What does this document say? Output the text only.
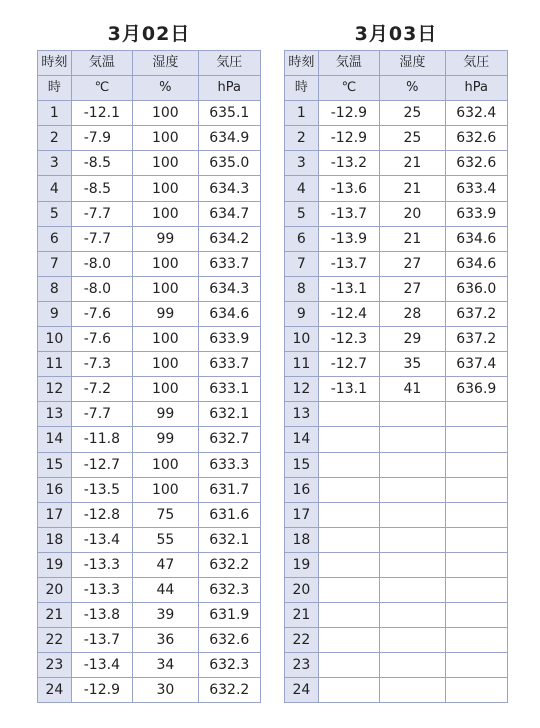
3月02日
時刻	気温	湿度	気圧
時	℃	%	hPa
1	-12.1	100	635.1
2	-7.9	100	634.9
3	-8.5	100	635.0
4	-8.5	100	634.3
5	-7.7	100	634.7
6	-7.7	99	634.2
7	-8.0	100	633.7
8	-8.0	100	634.3
9	-7.6	99	634.6
10	-7.6	100	633.9
11	-7.3	100	633.7
12	-7.2	100	633.1
13	-7.7	99	632.1
14	-11.8	99	632.7
15	-12.7	100	633.3
16	-13.5	100	631.7
17	-12.8	75	631.6
18	-13.4	55	632.1
19	-13.3	47	632.2
20	-13.3	44	632.3
21	-13.8	39	631.9
22	-13.7	36	632.6
23	-13.4	34	632.3
24	-12.9	30	632.2
3月03日
時刻	気温	湿度	気圧
時	℃	%	hPa
1	-12.9	25	632.4
2	-12.9	25	632.6
3	-13.2	21	632.6
4	-13.6	21	633.4
5	-13.7	20	633.9
6	-13.9	21	634.6
7	-13.7	27	634.6
8	-13.1	27	636.0
9	-12.4	28	637.2
10	-12.3	29	637.2
11	-12.7	35	637.4
12	-13.1	41	636.9
13			
14			
15			
16			
17			
18			
19			
20			
21			
22			
23			
24			
